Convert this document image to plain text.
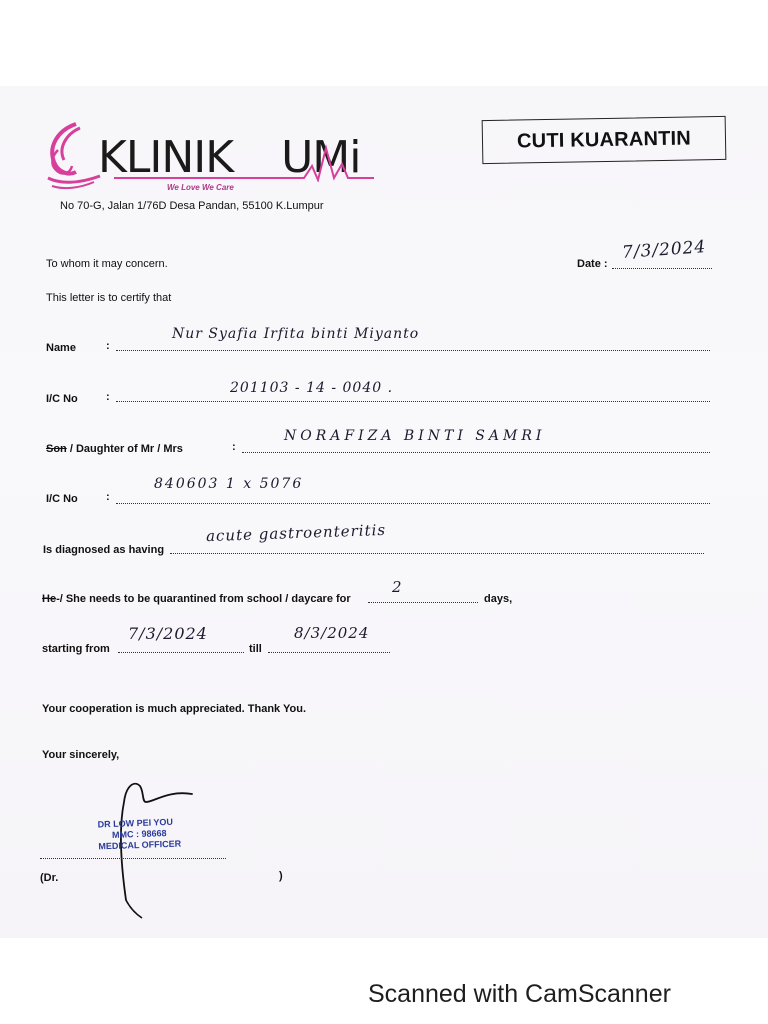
KLINIK UMi
We Love We Care
CUTI KUARANTIN
No 70-G, Jalan 1/76D Desa Pandan, 55100 K.Lumpur
To whom it may concern.	Date :
7/3/2024
This letter is to certify that
Name	:
Nur Syafia Irfita binti Miyanto
I/C No	:
201103 - 14 - 0040 .
Son / Daughter of Mr / Mrs	:
NORAFIZA BINTI SAMRI
I/C No	:
840603 1 x 5076
Is diagnosed as having
acute gastroenteritis
He-/ She needs to be quarantined from school / daycare for
2
days,
starting from
7/3/2024
till
8/3/2024
Your cooperation is much appreciated. Thank You.
Your sincerely,
DR LOW PEI YOU
MMC : 98668
MEDICAL OFFICER
(Dr.	)
Scanned with CamScanner
